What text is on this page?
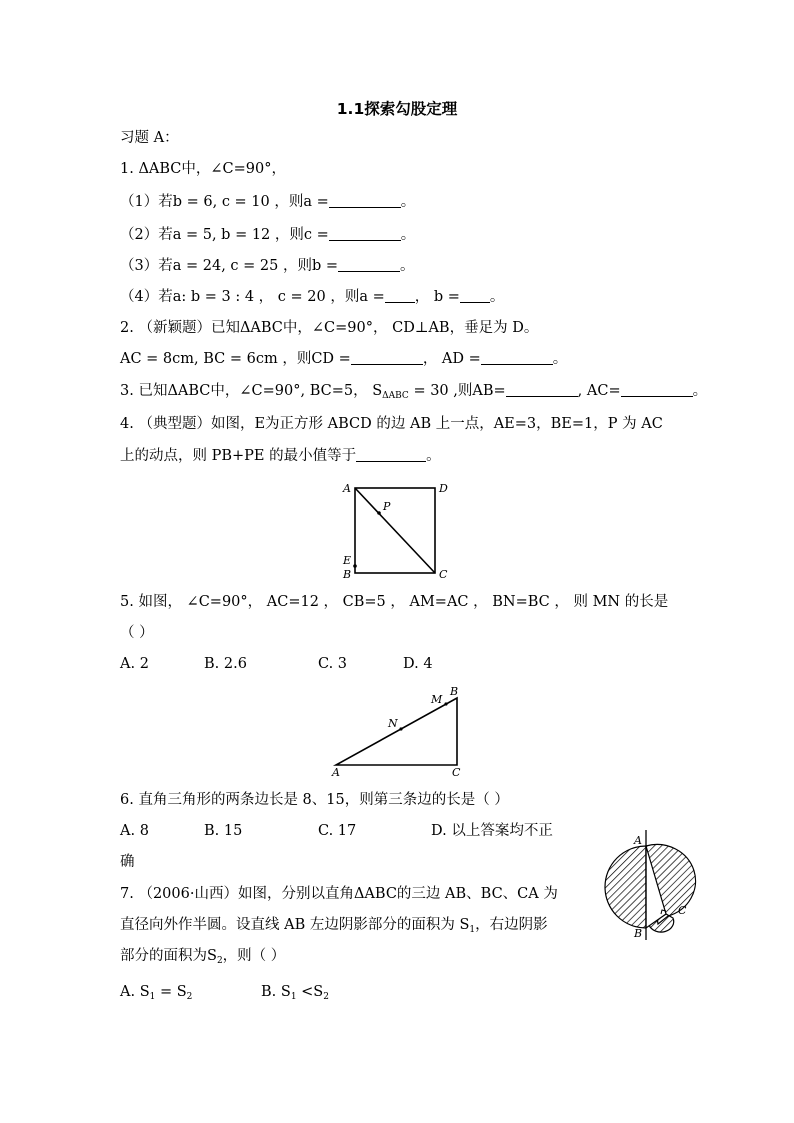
1.1探索勾股定理
习题 A：
1. ΔABC中，∠C=90°，
（1）若b = 6, c = 10 ，则a =	。
（2）若a = 5, b = 12 ，则c =	。
（3）若a = 24, c = 25 ，则b =	。
（4）若a: b = 3 : 4 ， c = 20 ，则a = ， b = 。
2. （新颖题）已知ΔABC中，∠C=90°， CD⊥AB，垂足为 D。
AC = 8cm, BC = 6cm ，则CD =	， AD =	。
3. 已知ΔABC中，∠C=90°, BC=5， $S_{\Delta ABC} = 30$ ,则AB=	, AC=	。
4. （典型题）如图，E为正方形 ABCD 的边 AB 上一点，AE=3，BE=1，P 为 AC
上的动点，则 PB+PE 的最小值等于	。
A	D
P
E
B	C
5. 如图， ∠C=90°， AC=12 ， CB=5 ， AM=AC ， BN=BC ， 则 MN 的长是
（ ）
A. 2	B. 2.6	C. 3	D. 4
M
B
N
A	C
6. 直角三角形的两条边长是 8、15，则第三条边的长是（ ）
A. 8	B. 15	C. 17	D. 以上答案均不正
确
7. （2006·山西）如图，分别以直角ΔABC的三边 AB、BC、CA 为
直径向外作半圆。设直线 AB 左边阴影部分的面积为 $S_1$，右边阴影
部分的面积为$S_2$，则（ ）
A. $S_1 = S_2$	B. $S_1 <S_2$
A
B
C
